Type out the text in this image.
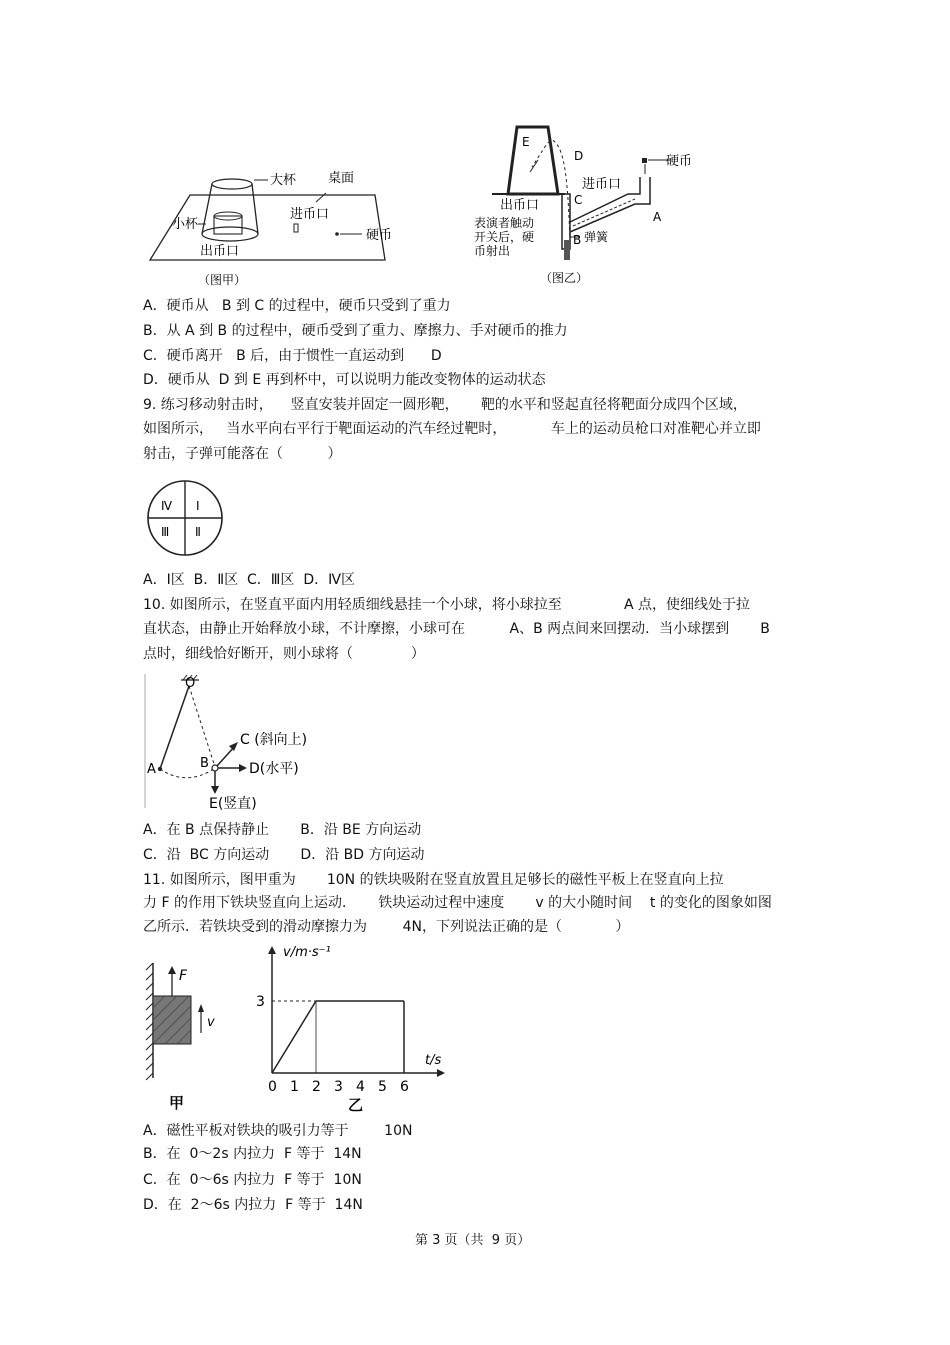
大杯 桌面
小杯
进币口
硬币
出币口
（图甲）
E
D
C
B
A
硬币
进币口
出币口
表演者触动
开关后，硬
币射出
弹簧
（图乙）
A．硬币从   B 到 C 的过程中，硬币只受到了重力
B．从 A 到 B 的过程中，硬币受到了重力、摩擦力、手对硬币的推力
C．硬币离开   B 后，由于惯性一直运动到      D
D．硬币从  D 到 E 再到杯中，可以说明力能改变物体的运动状态
9. 练习移动射击时，    竖直安装并固定一圆形靶，     靶的水平和竖起直径将靶面分成四个区域，
如图所示，   当水平向右平行于靶面运动的汽车经过靶时，          车上的运动员枪口对准靶心并立即
射击，子弹可能落在（          ）
Ⅳ Ⅰ
Ⅲ Ⅱ
A．Ⅰ区  B．Ⅱ区  C．Ⅲ区  D．Ⅳ区
10. 如图所示，在竖直平面内用轻质细线悬挂一个小球，将小球拉至              A 点，使细线处于拉
直状态，由静止开始释放小球，不计摩擦，小球可在          A、B 两点间来回摆动．当小球摆到       B
点时，细线恰好断开，则小球将（             ）
O
A	B
C (斜向上)
D(水平)
E(竖直)
A．在 B 点保持静止       B．沿 BE 方向运动
C．沿  BC 方向运动       D．沿 BD 方向运动
11. 如图所示，图甲重为       10N 的铁块吸附在竖直放置且足够长的磁性平板上在竖直向上拉
力 F 的作用下铁块竖直向上运动．     铁块运动过程中速度       v 的大小随时间    t 的变化的图象如图
乙所示．若铁块受到的滑动摩擦力为        4N，下列说法正确的是（            ）
F
v
甲
v/m·s⁻¹
t/s
0 1 2 3 4 5 6
3
乙
A．磁性平板对铁块的吸引力等于        10N
B．在  0～2s 内拉力  F 等于  14N
C．在  0～6s 内拉力  F 等于  10N
D．在  2～6s 内拉力  F 等于  14N
第 3 页（共  9 页）
